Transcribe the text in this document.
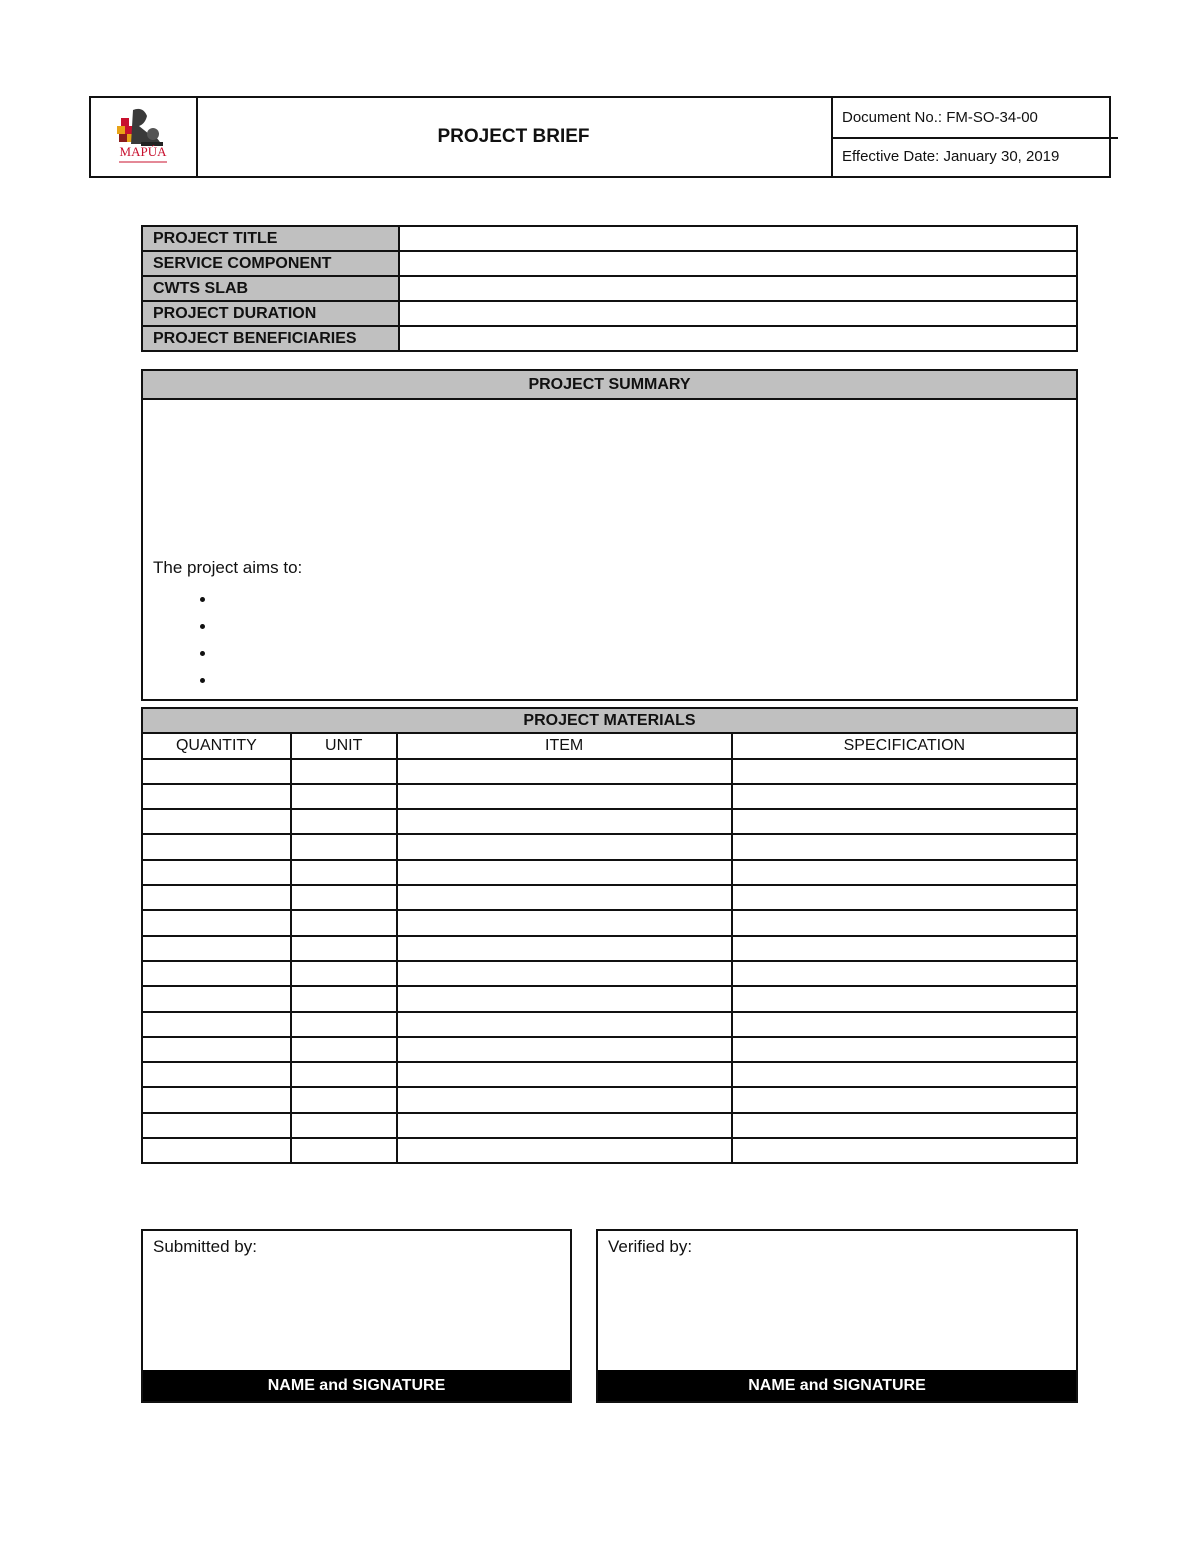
MAPÚA
PROJECT BRIEF
Document No.: FM-SO-34-00
Effective Date: January 30, 2019
PROJECT TITLE	
SERVICE COMPONENT	
CWTS SLAB	
PROJECT DURATION	
PROJECT BENEFICIARIES	
PROJECT SUMMARY
The project aims to:
PROJECT MATERIALS			
QUANTITY	UNIT	ITEM	SPECIFICATION

Submitted by:
NAME and SIGNATURE
Verified by:
NAME and SIGNATURE
